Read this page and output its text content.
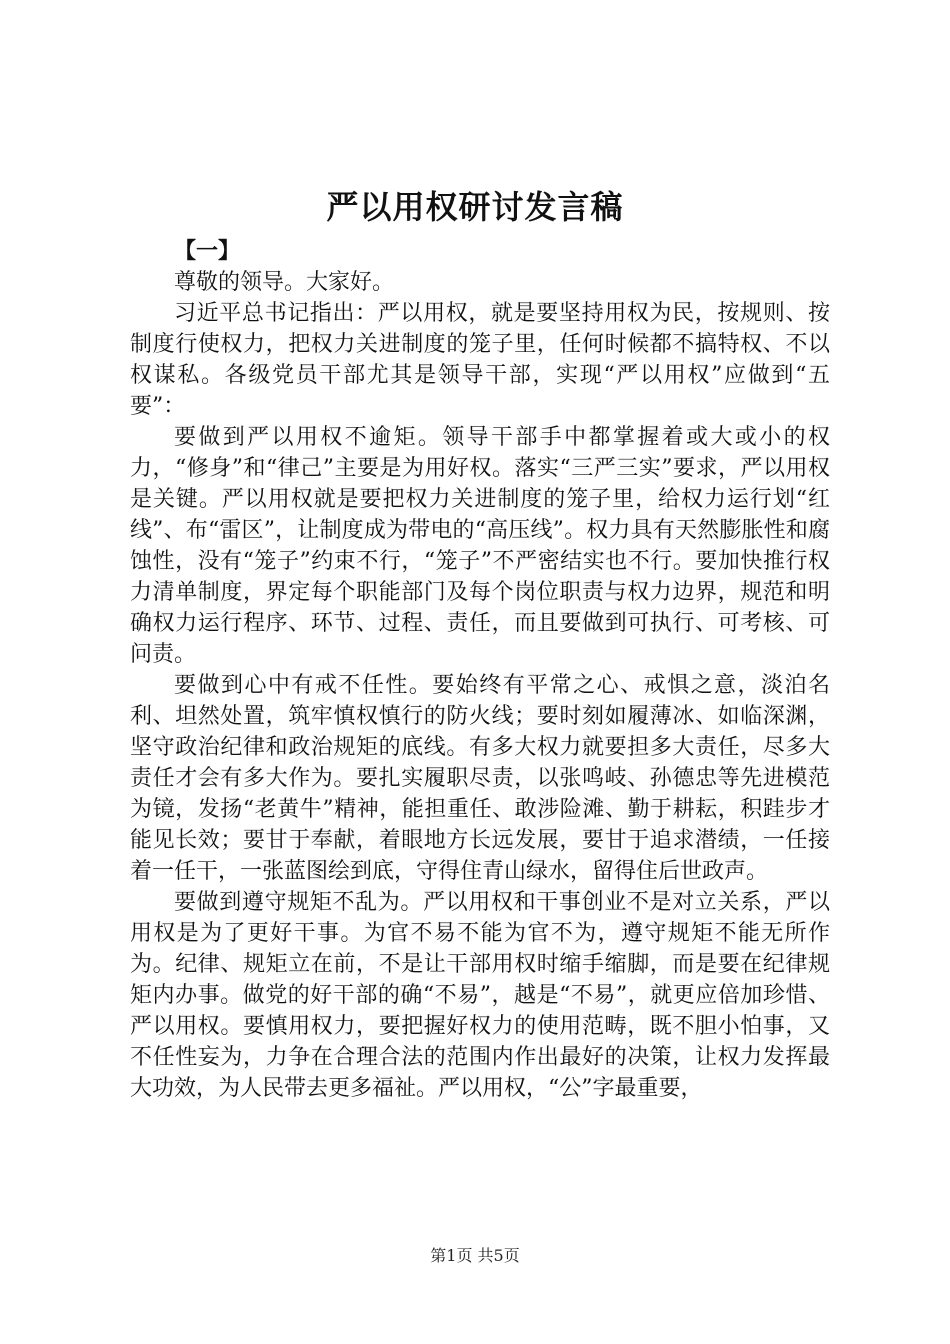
严以用权研讨发言稿

【一】

尊敬的领导。大家好。

习近平总书记指出：严以用权，就是要坚持用权为民，按规则、按制度行使权力，把权力关进制度的笼子里，任何时候都不搞特权、不以权谋私。各级党员干部尤其是领导干部，实现“严以用权”应做到“五要”：

要做到严以用权不逾矩。领导干部手中都掌握着或大或小的权力，“修身”和“律己”主要是为用好权。落实“三严三实”要求，严以用权是关键。严以用权就是要把权力关进制度的笼子里，给权力运行划“红线”、布“雷区”，让制度成为带电的“高压线”。权力具有天然膨胀性和腐蚀性，没有“笼子”约束不行，“笼子”不严密结实也不行。要加快推行权力清单制度，界定每个职能部门及每个岗位职责与权力边界，规范和明确权力运行程序、环节、过程、责任，而且要做到可执行、可考核、可问责。

要做到心中有戒不任性。要始终有平常之心、戒惧之意，淡泊名利、坦然处置，筑牢慎权慎行的防火线；要时刻如履薄冰、如临深渊，坚守政治纪律和政治规矩的底线。有多大权力就要担多大责任，尽多大责任才会有多大作为。要扎实履职尽责，以张鸣岐、孙德忠等先进模范为镜，发扬“老黄牛”精神，能担重任、敢涉险滩、勤于耕耘，积跬步才能见长效；要甘于奉献，着眼地方长远发展，要甘于追求潜绩，一任接着一任干，一张蓝图绘到底，守得住青山绿水，留得住后世政声。

要做到遵守规矩不乱为。严以用权和干事创业不是对立关系，严以用权是为了更好干事。为官不易不能为官不为，遵守规矩不能无所作为。纪律、规矩立在前，不是让干部用权时缩手缩脚，而是要在纪律规矩内办事。做党的好干部的确“不易”，越是“不易”，就更应倍加珍惜、严以用权。要慎用权力，要把握好权力的使用范畴，既不胆小怕事，又不任性妄为，力争在合理合法的范围内作出最好的决策，让权力发挥最大功效，为人民带去更多福祉。严以用权，“公”字最重要，

第1页 共5页
